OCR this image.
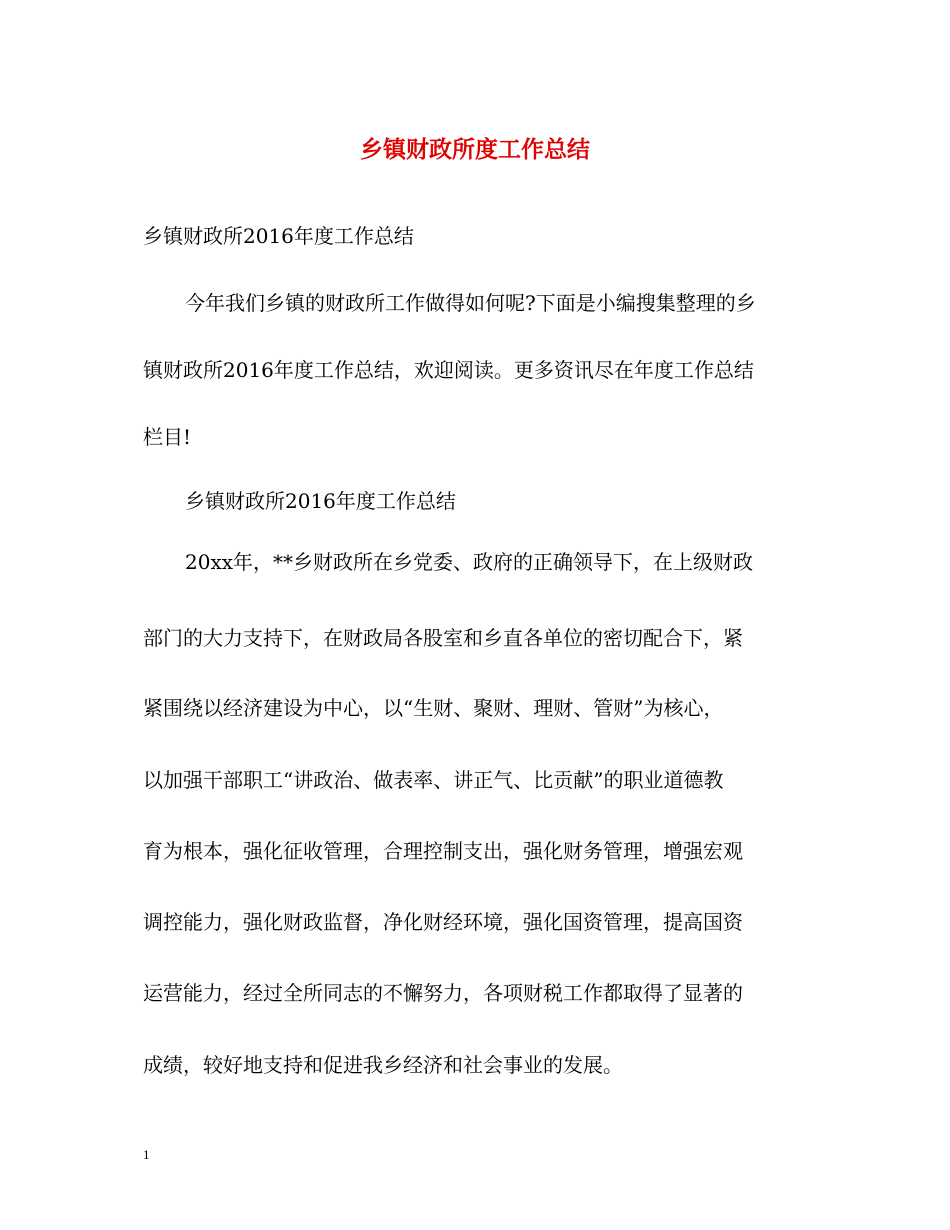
乡镇财政所度工作总结

乡镇财政所2016年度工作总结

今年我们乡镇的财政所工作做得如何呢?下面是小编搜集整理的乡

镇财政所2016年度工作总结，欢迎阅读。更多资讯尽在年度工作总结

栏目!

乡镇财政所2016年度工作总结

20xx年，**乡财政所在乡党委、政府的正确领导下，在上级财政

部门的大力支持下，在财政局各股室和乡直各单位的密切配合下，紧

紧围绕以经济建设为中心，以“生财、聚财、理财、管财”为核心，

以加强干部职工“讲政治、做表率、讲正气、比贡献”的职业道德教

育为根本，强化征收管理，合理控制支出，强化财务管理，增强宏观

调控能力，强化财政监督，净化财经环境，强化国资管理，提高国资

运营能力，经过全所同志的不懈努力，各项财税工作都取得了显著的

成绩，较好地支持和促进我乡经济和社会事业的发展。

1
